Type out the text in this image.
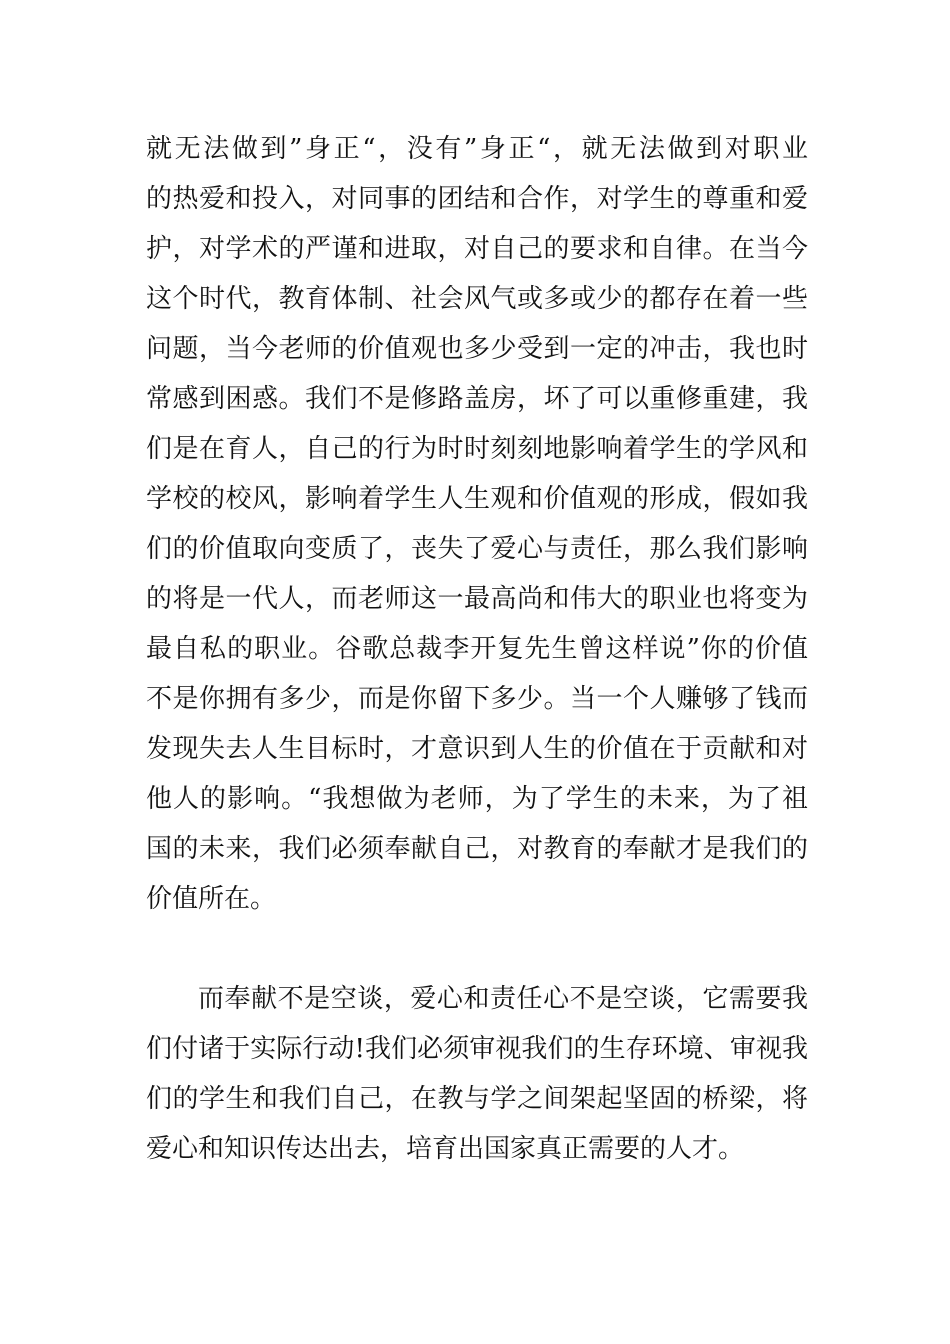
就无法做到”身正“，没有”身正“，就无法做到对职业
的热爱和投入，对同事的团结和合作，对学生的尊重和爱
护，对学术的严谨和进取，对自己的要求和自律。在当今
这个时代，教育体制、社会风气或多或少的都存在着一些
问题，当今老师的价值观也多少受到一定的冲击，我也时
常感到困惑。我们不是修路盖房，坏了可以重修重建，我
们是在育人，自己的行为时时刻刻地影响着学生的学风和
学校的校风，影响着学生人生观和价值观的形成，假如我
们的价值取向变质了，丧失了爱心与责任，那么我们影响
的将是一代人，而老师这一最高尚和伟大的职业也将变为
最自私的职业。谷歌总裁李开复先生曾这样说”你的价值
不是你拥有多少，而是你留下多少。当一个人赚够了钱而
发现失去人生目标时，才意识到人生的价值在于贡献和对
他人的影响。“我想做为老师，为了学生的未来，为了祖
国的未来，我们必须奉献自己，对教育的奉献才是我们的
价值所在。
而奉献不是空谈，爱心和责任心不是空谈，它需要我
们付诸于实际行动!我们必须审视我们的生存环境、审视我
们的学生和我们自己，在教与学之间架起坚固的桥梁，将
爱心和知识传达出去，培育出国家真正需要的人才。
